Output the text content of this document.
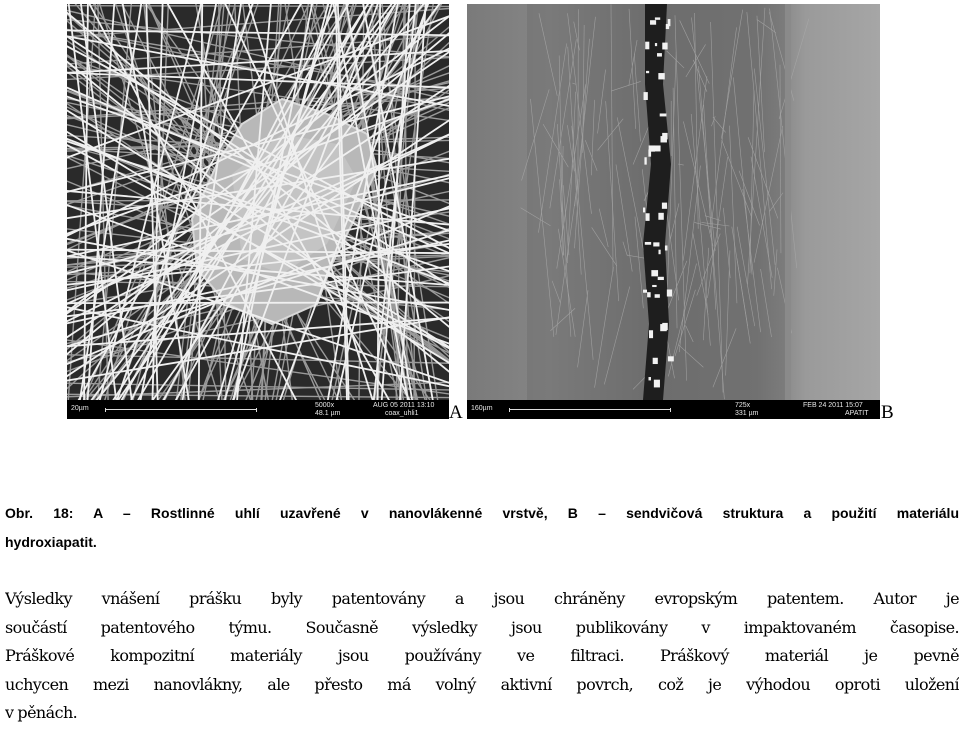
20µm	5000x
48.1 µm
AUG 05 2011 13:10
coax_uhli1 A 160µm	725x
331 µm
FEB 24 2011 15:07
APATIT B
Obr. 18: A – Rostlinné uhlí uzavřené v nanovlákenné vrstvě, B – sendvičová struktura a použití materiálu
hydroxiapatit.
Výsledky vnášení prášku byly patentovány a jsou chráněny evropským patentem. Autor je
součástí patentového týmu. Současně výsledky jsou publikovány v impaktovaném časopise.
Práškové kompozitní materiály jsou používány ve filtraci. Práškový materiál je pevně
uchycen mezi nanovlákny, ale přesto má volný aktivní povrch, což je výhodou oproti uložení
v pěnách.
